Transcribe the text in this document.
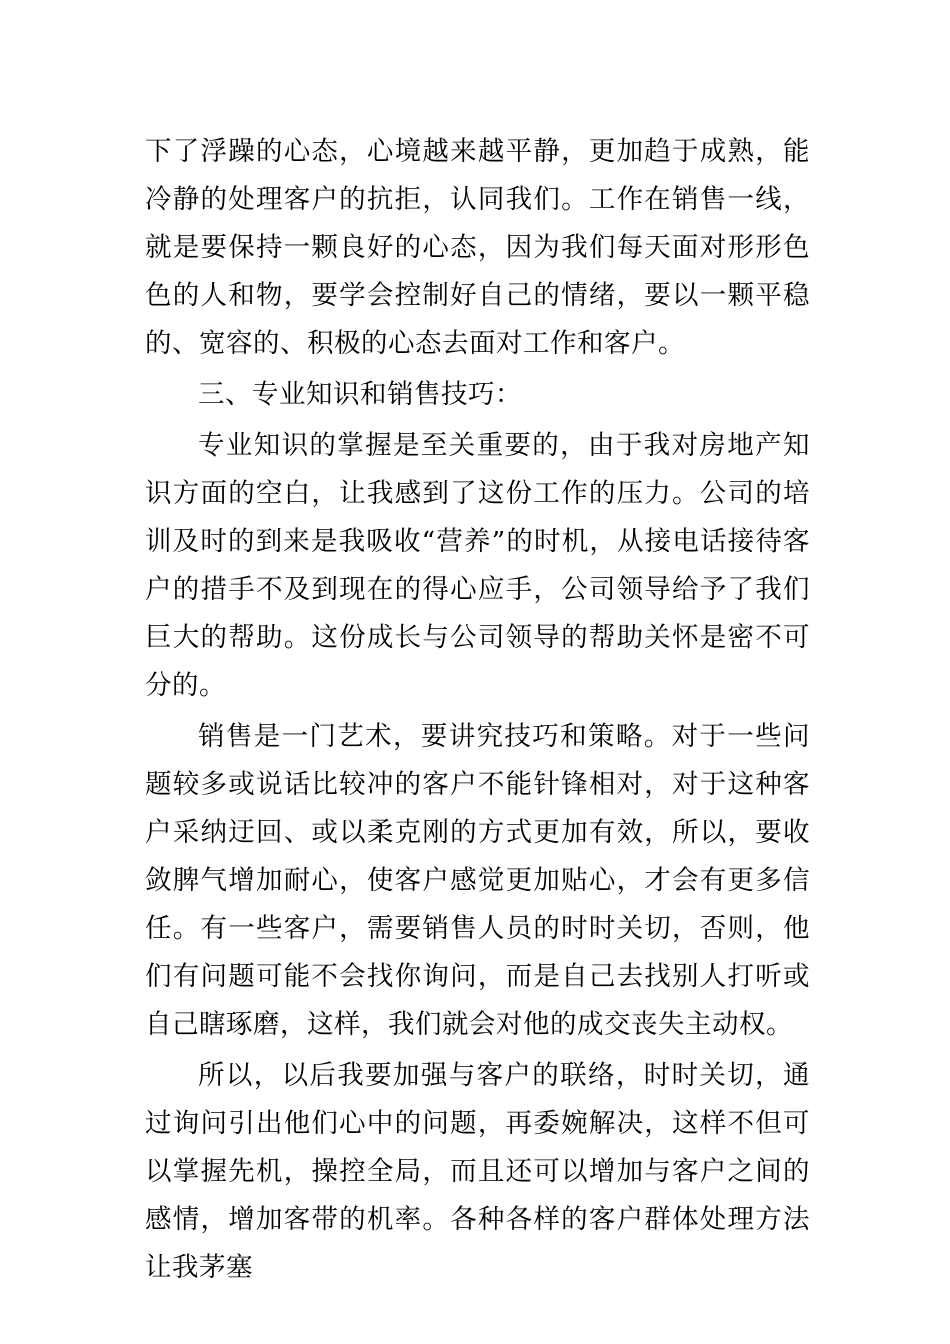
下了浮躁的心态，心境越来越平静，更加趋于成熟，能冷静的处理客户的抗拒，认同我们。工作在销售一线，就是要保持一颗良好的心态，因为我们每天面对形形色色的人和物，要学会控制好自己的情绪，要以一颗平稳的、宽容的、积极的心态去面对工作和客户。

三、专业知识和销售技巧：

专业知识的掌握是至关重要的，由于我对房地产知识方面的空白，让我感到了这份工作的压力。公司的培训及时的到来是我吸收“营养”的时机，从接电话接待客户的措手不及到现在的得心应手，公司领导给予了我们巨大的帮助。这份成长与公司领导的帮助关怀是密不可分的。

销售是一门艺术，要讲究技巧和策略。对于一些问题较多或说话比较冲的客户不能针锋相对，对于这种客户采纳迂回、或以柔克刚的方式更加有效，所以，要收敛脾气增加耐心，使客户感觉更加贴心，才会有更多信任。有一些客户，需要销售人员的时时关切，否则，他们有问题可能不会找你询问，而是自己去找别人打听或自己瞎琢磨，这样，我们就会对他的成交丧失主动权。

所以，以后我要加强与客户的联络，时时关切，通过询问引出他们心中的问题，再委婉解决，这样不但可以掌握先机，操控全局，而且还可以增加与客户之间的感情，增加客带的机率。各种各样的客户群体处理方法让我茅塞
